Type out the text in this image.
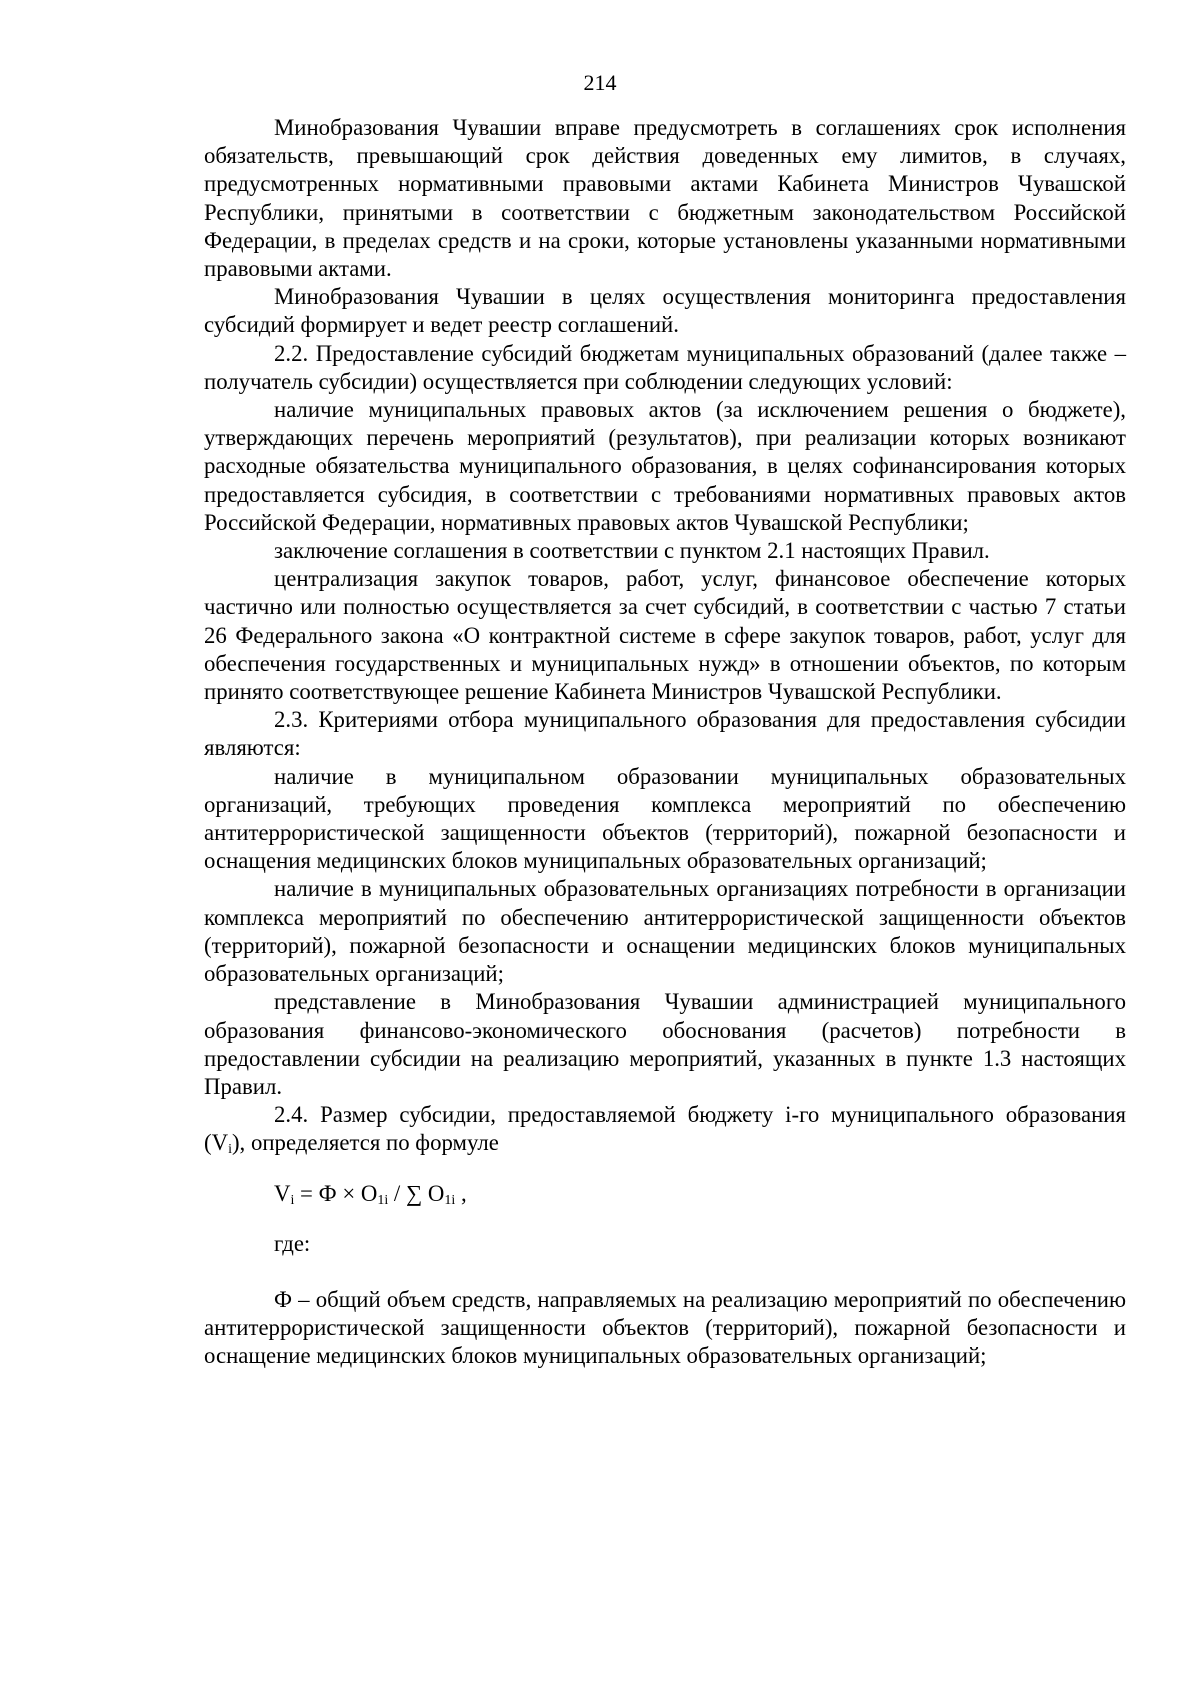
214

Минобразования Чувашии вправе предусмотреть в соглашениях срок исполнения обязательств, превышающий срок действия доведенных ему лимитов, в случаях, предусмотренных нормативными правовыми актами Кабинета Министров Чувашской Республики, принятыми в соответствии с бюджетным законодательством Российской Федерации, в пределах средств и на сроки, которые установлены указанными нормативными правовыми актами.

Минобразования Чувашии в целях осуществления мониторинга предоставления субсидий формирует и ведет реестр соглашений.

2.2. Предоставление субсидий бюджетам муниципальных образований (далее также – получатель субсидии) осуществляется при соблюдении следующих условий:

наличие муниципальных правовых актов (за исключением решения о бюджете), утверждающих перечень мероприятий (результатов), при реализации которых возникают расходные обязательства муниципального образования, в целях софинансирования которых предоставляется субсидия, в соответствии с требованиями нормативных правовых актов Российской Федерации, нормативных правовых актов Чувашской Республики;

заключение соглашения в соответствии с пунктом 2.1 настоящих Правил.

централизация закупок товаров, работ, услуг, финансовое обеспечение которых частично или полностью осуществляется за счет субсидий, в соответствии с частью 7 статьи 26 Федерального закона «О контрактной системе в сфере закупок товаров, работ, услуг для обеспечения государственных и муниципальных нужд» в отношении объектов, по которым принято соответствующее решение Кабинета Министров Чувашской Республики.

2.3. Критериями отбора муниципального образования для предоставления субсидии являются:

наличие в муниципальном образовании муниципальных образовательных организаций, требующих проведения комплекса мероприятий по обеспечению антитеррористической защищенности объектов (территорий), пожарной безопасности и оснащения медицинских блоков муниципальных образовательных организаций;

наличие в муниципальных образовательных организациях потребности в организации комплекса мероприятий по обеспечению антитеррористической защищенности объектов (территорий), пожарной безопасности и оснащении медицинских блоков муниципальных образовательных организаций;

представление в Минобразования Чувашии администрацией муниципального образования финансово-экономического обоснования (расчетов) потребности в предоставлении субсидии на реализацию мероприятий, указанных в пункте 1.3 настоящих Правил.

2.4. Размер субсидии, предоставляемой бюджету i-го муниципального образования $(V_i)$, определяется по формуле

$V_i = Ф \times O_{1i}$ / ∑ $O_{1i}$ ,

где:

Ф – общий объем средств, направляемых на реализацию мероприятий по обеспечению антитеррористической защищенности объектов (территорий), пожарной безопасности и оснащение медицинских блоков муниципальных образовательных организаций;
